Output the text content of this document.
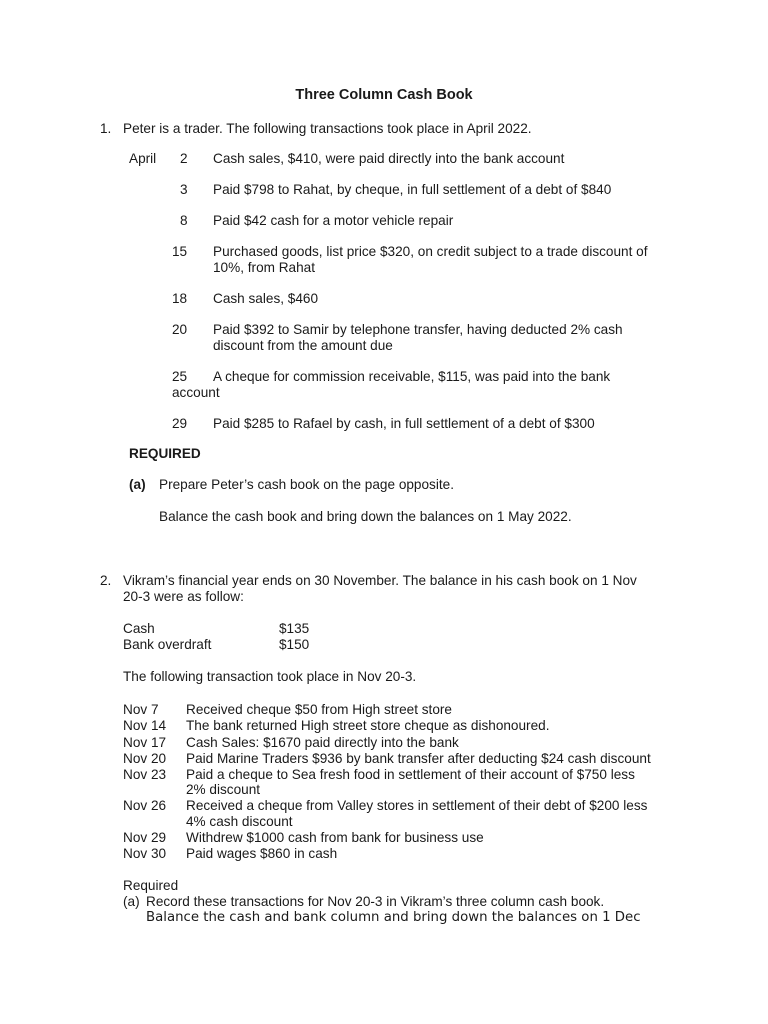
Three Column Cash Book
1. Peter is a trader. The following transactions took place in April 2022.
April 2 Cash sales, $410, were paid directly into the bank account
3 Paid $798 to Rahat, by cheque, in full settlement of a debt of $840
8 Paid $42 cash for a motor vehicle repair
15 Purchased goods, list price $320, on credit subject to a trade discount of
10%, from Rahat
18 Cash sales, $460
20 Paid $392 to Samir by telephone transfer, having deducted 2% cash
discount from the amount due
25 A cheque for commission receivable, $115, was paid into the bank
account
29 Paid $285 to Rafael by cash, in full settlement of a debt of $300
REQUIRED
(a) Prepare Peter’s cash book on the page opposite.
Balance the cash book and bring down the balances on 1 May 2022.
2. Vikram’s financial year ends on 30 November. The balance in his cash book on 1 Nov
20-3 were as follow:
Cash	$135
Bank overdraft	$150
The following transaction took place in Nov 20-3.
Nov 7 Received cheque $50 from High street store
Nov 14 The bank returned High street store cheque as dishonoured.
Nov 17 Cash Sales: $1670 paid directly into the bank
Nov 20 Paid Marine Traders $936 by bank transfer after deducting $24 cash discount
Nov 23 Paid a cheque to Sea fresh food in settlement of their account of $750 less
2% discount
Nov 26 Received a cheque from Valley stores in settlement of their debt of $200 less
4% cash discount
Nov 29 Withdrew $1000 cash from bank for business use
Nov 30 Paid wages $860 in cash
Required
(a) Record these transactions for Nov 20-3 in Vikram’s three column cash book.
Balance the cash and bank column and bring down the balances on 1 Dec
